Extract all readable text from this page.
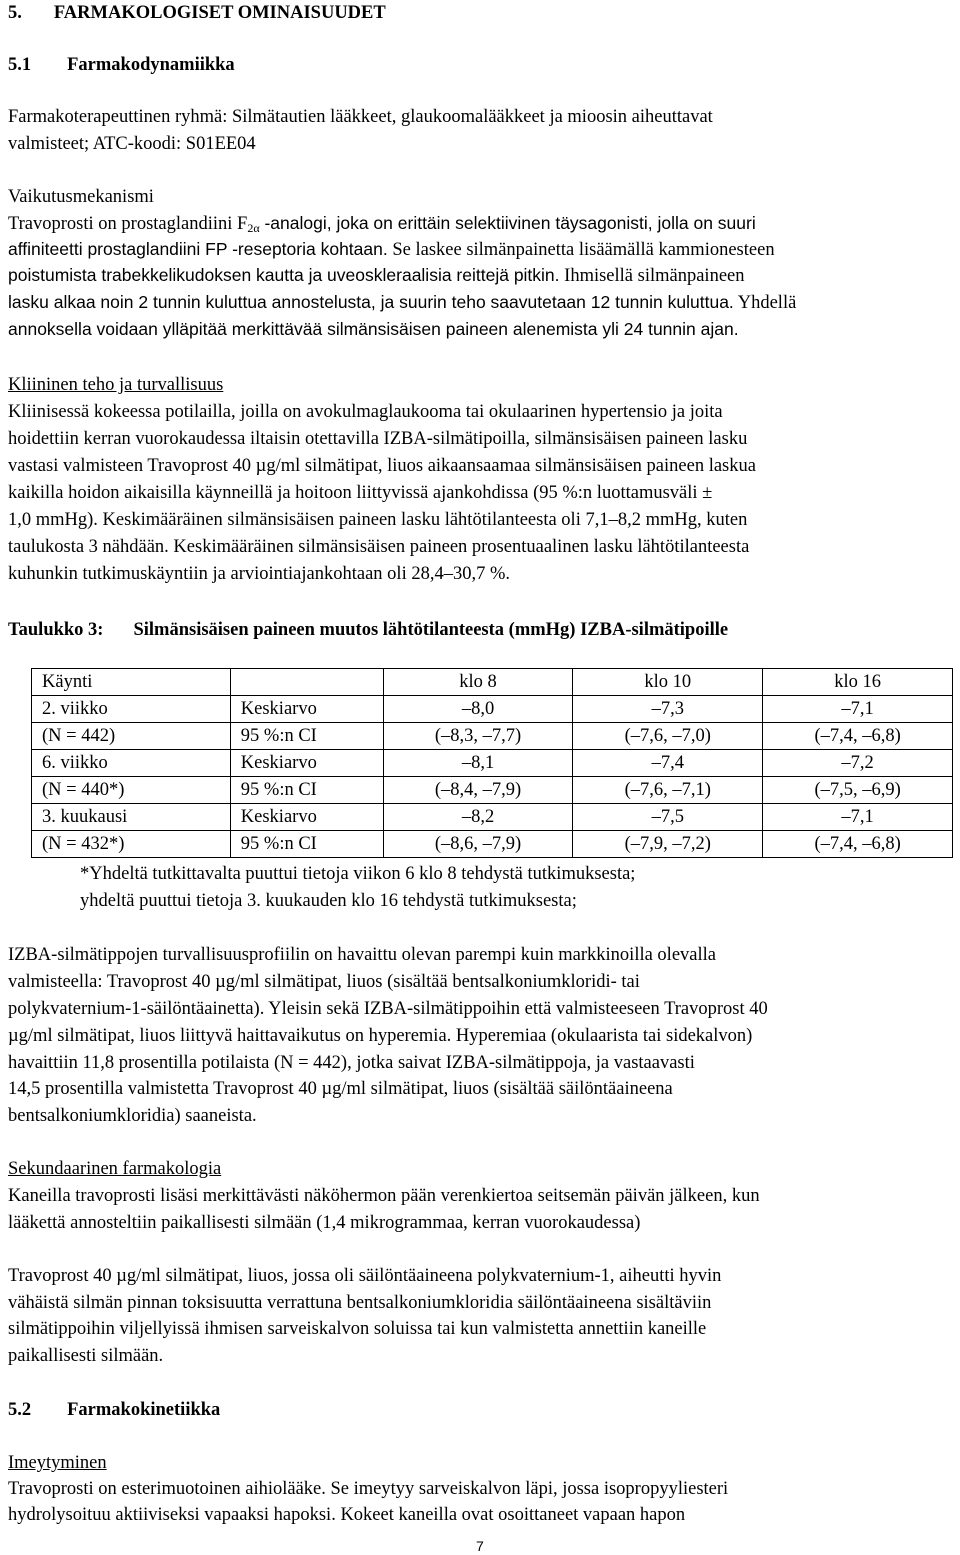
5. FARMAKOLOGISET OMINAISUUDET
5.1 Farmakodynamiikka
Farmakoterapeuttinen ryhmä: Silmätautien lääkkeet, glaukoomalääkkeet ja mioosin aiheuttavat
valmisteet; ATC-koodi: S01EE04
Vaikutusmekanismi
Travoprosti on prostaglandiini $F_{2\alpha}$ -analogi, joka on erittäin selektiivinen täysagonisti, jolla on suuri
affiniteetti prostaglandiini FP -reseptoria kohtaan. Se laskee silmänpainetta lisäämällä kammionesteen
poistumista trabekkelikudoksen kautta ja uveoskleraalisia reittejä pitkin. Ihmisellä silmänpaineen
lasku alkaa noin 2 tunnin kuluttua annostelusta, ja suurin teho saavutetaan 12 tunnin kuluttua. Yhdellä
annoksella voidaan ylläpitää merkittävää silmänsisäisen paineen alenemista yli 24 tunnin ajan.
Kliininen teho ja turvallisuus
Kliinisessä kokeessa potilailla, joilla on avokulmaglaukooma tai okulaarinen hypertensio ja joita
hoidettiin kerran vuorokaudessa iltaisin otettavilla IZBA-silmätipoilla, silmänsisäisen paineen lasku
vastasi valmisteen Travoprost 40 µg/ml silmätipat, liuos aikaansaamaa silmänsisäisen paineen laskua
kaikilla hoidon aikaisilla käynneillä ja hoitoon liittyvissä ajankohdissa (95 %:n luottamusväli ±
1,0 mmHg). Keskimääräinen silmänsisäisen paineen lasku lähtötilanteesta oli 7,1–8,2 mmHg, kuten
taulukosta 3 nähdään. Keskimääräinen silmänsisäisen paineen prosentuaalinen lasku lähtötilanteesta
kuhunkin tutkimuskäyntiin ja arviointiajankohtaan oli 28,4–30,7 %.
Taulukko 3: Silmänsisäisen paineen muutos lähtötilanteesta (mmHg) IZBA-silmätipoille
Käynti		klo 8	klo 10	klo 16
2. viikko	Keskiarvo	–8,0	–7,3	–7,1
(N = 442)	95 %:n CI	(–8,3, –7,7)	(–7,6, –7,0)	(–7,4, –6,8)
6. viikko	Keskiarvo	–8,1	–7,4	–7,2
(N = 440*)	95 %:n CI	(–8,4, –7,9)	(–7,6, –7,1)	(–7,5, –6,9)
3. kuukausi	Keskiarvo	–8,2	–7,5	–7,1
(N = 432*)	95 %:n CI	(–8,6, –7,9)	(–7,9, –7,2)	(–7,4, –6,8)
*Yhdeltä tutkittavalta puuttui tietoja viikon 6 klo 8 tehdystä tutkimuksesta;
yhdeltä puuttui tietoja 3. kuukauden klo 16 tehdystä tutkimuksesta;
IZBA-silmätippojen turvallisuusprofiilin on havaittu olevan parempi kuin markkinoilla olevalla
valmisteella: Travoprost 40 µg/ml silmätipat, liuos (sisältää bentsalkoniumkloridi- tai
polykvaternium-1-säilöntäainetta). Yleisin sekä IZBA-silmätippoihin että valmisteeseen Travoprost 40
µg/ml silmätipat, liuos liittyvä haittavaikutus on hyperemia. Hyperemiaa (okulaarista tai sidekalvon)
havaittiin 11,8 prosentilla potilaista (N = 442), jotka saivat IZBA-silmätippoja, ja vastaavasti
14,5 prosentilla valmistetta Travoprost 40 µg/ml silmätipat, liuos (sisältää säilöntäaineena
bentsalkoniumkloridia) saaneista.
Sekundaarinen farmakologia
Kaneilla travoprosti lisäsi merkittävästi näköhermon pään verenkiertoa seitsemän päivän jälkeen, kun
lääkettä annosteltiin paikallisesti silmään (1,4 mikrogrammaa, kerran vuorokaudessa)
Travoprost 40 µg/ml silmätipat, liuos, jossa oli säilöntäaineena polykvaternium-1, aiheutti hyvin
vähäistä silmän pinnan toksisuutta verrattuna bentsalkoniumkloridia säilöntäaineena sisältäviin
silmätippoihin viljellyissä ihmisen sarveiskalvon soluissa tai kun valmistetta annettiin kaneille
paikallisesti silmään.
5.2 Farmakokinetiikka
Imeytyminen
Travoprosti on esterimuotoinen aihiolääke. Se imeytyy sarveiskalvon läpi, jossa isopropyyliesteri
hydrolysoituu aktiiviseksi vapaaksi hapoksi. Kokeet kaneilla ovat osoittaneet vapaan hapon
7
